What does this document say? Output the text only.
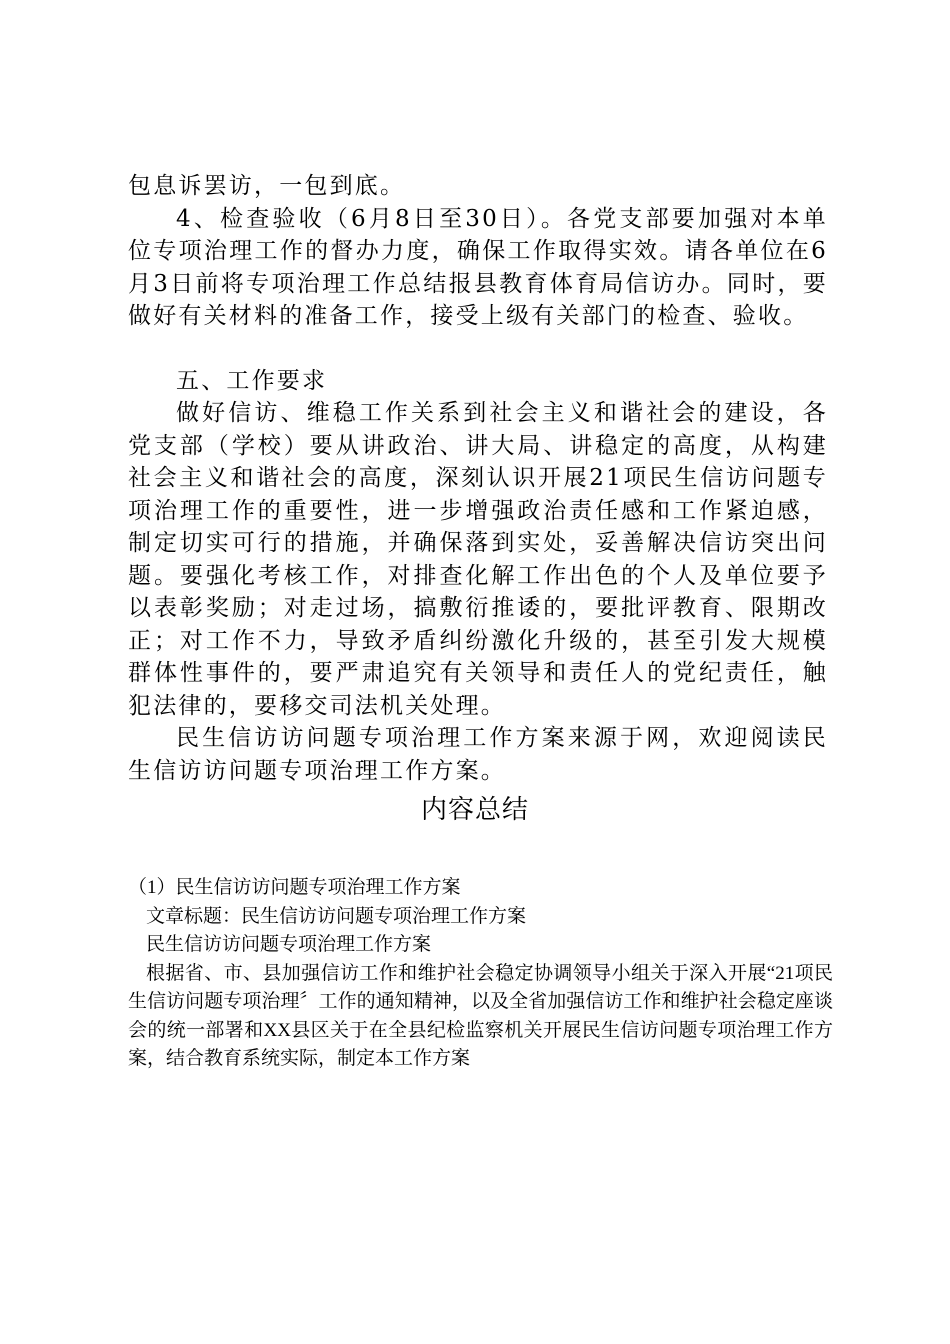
包息诉罢访，一包到底。

4、检查验收（6月8日至30日）。各党支部要加强对本单位专项治理工作的督办力度，确保工作取得实效。请各单位在6月3日前将专项治理工作总结报县教育体育局信访办。同时，要做好有关材料的准备工作，接受上级有关部门的检查、验收。

五、工作要求

做好信访、维稳工作关系到社会主义和谐社会的建设，各党支部（学校）要从讲政治、讲大局、讲稳定的高度，从构建社会主义和谐社会的高度，深刻认识开展21项民生信访问题专项治理工作的重要性，进一步增强政治责任感和工作紧迫感，制定切实可行的措施，并确保落到实处，妥善解决信访突出问题。要强化考核工作，对排查化解工作出色的个人及单位要予以表彰奖励；对走过场，搞敷衍推诿的，要批评教育、限期改正；对工作不力，导致矛盾纠纷激化升级的，甚至引发大规模群体性事件的，要严肃追究有关领导和责任人的党纪责任，触犯法律的，要移交司法机关处理。

民生信访访问题专项治理工作方案来源于网，欢迎阅读民生信访访问题专项治理工作方案。

内容总结

（1）民生信访访问题专项治理工作方案

文章标题：民生信访访问题专项治理工作方案

民生信访访问题专项治理工作方案

根据省、市、县加强信访工作和维护社会稳定协调领导小组关于深入开展“21项民生信访问题专项治理〞工作的通知精神，以及全省加强信访工作和维护社会稳定座谈会的统一部署和XX县区关于在全县纪检监察机关开展民生信访问题专项治理工作方案，结合教育系统实际，制定本工作方案
